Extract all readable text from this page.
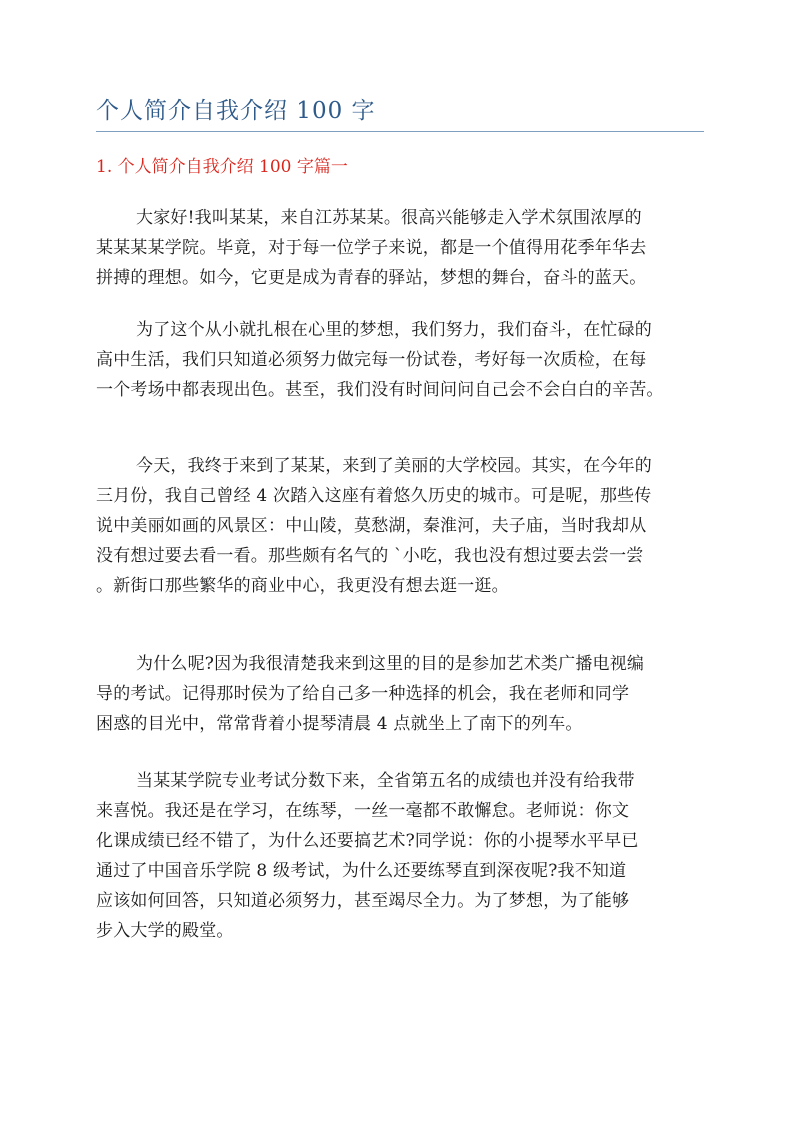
个人简介自我介绍 100 字
1. 个人简介自我介绍 100 字篇一
大家好!我叫某某，来自江苏某某。很高兴能够走入学术氛围浓厚的
某某某某学院。毕竟，对于每一位学子来说，都是一个值得用花季年华去
拼搏的理想。如今，它更是成为青春的驿站，梦想的舞台，奋斗的蓝天。
为了这个从小就扎根在心里的梦想，我们努力，我们奋斗，在忙碌的
高中生活，我们只知道必须努力做完每一份试卷，考好每一次质检，在每
一个考场中都表现出色。甚至，我们没有时间问问自己会不会白白的辛苦。
今天，我终于来到了某某，来到了美丽的大学校园。其实，在今年的
三月份，我自己曾经 4 次踏入这座有着悠久历史的城市。可是呢，那些传
说中美丽如画的风景区：中山陵，莫愁湖，秦淮河，夫子庙，当时我却从
没有想过要去看一看。那些颇有名气的 `小吃，我也没有想过要去尝一尝
。新街口那些繁华的商业中心，我更没有想去逛一逛。
为什么呢?因为我很清楚我来到这里的目的是参加艺术类广播电视编
导的考试。记得那时侯为了给自己多一种选择的机会，我在老师和同学
困惑的目光中，常常背着小提琴清晨 4 点就坐上了南下的列车。
当某某学院专业考试分数下来，全省第五名的成绩也并没有给我带
来喜悦。我还是在学习，在练琴，一丝一毫都不敢懈怠。老师说：你文
化课成绩已经不错了，为什么还要搞艺术?同学说：你的小提琴水平早已
通过了中国音乐学院 8 级考试，为什么还要练琴直到深夜呢?我不知道
应该如何回答，只知道必须努力，甚至竭尽全力。为了梦想，为了能够
步入大学的殿堂。
